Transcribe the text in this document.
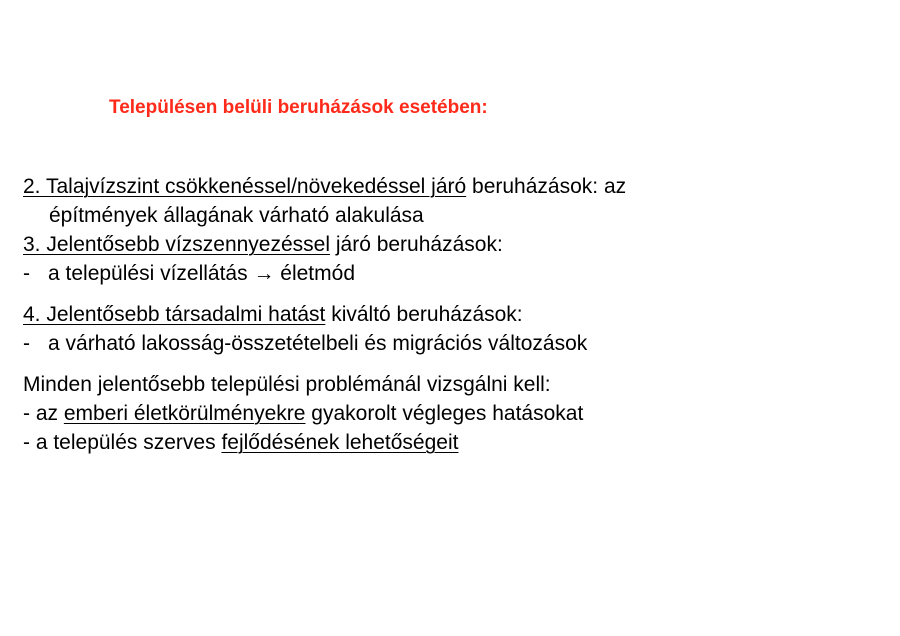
Településen belüli beruházások esetében:
2. Talajvízszint csökkenéssel/növekedéssel járó beruházások: az
építmények állagának várható alakulása
3. Jelentősebb vízszennyezéssel járó beruházások:
- a települési vízellátás → életmód
4. Jelentősebb társadalmi hatást kiváltó beruházások:
- a várható lakosság-összetételbeli és migrációs változások
Minden jelentősebb települési problémánál vizsgálni kell:
- az emberi életkörülményekre gyakorolt végleges hatásokat
- a település szerves fejlődésének lehetőségeit
